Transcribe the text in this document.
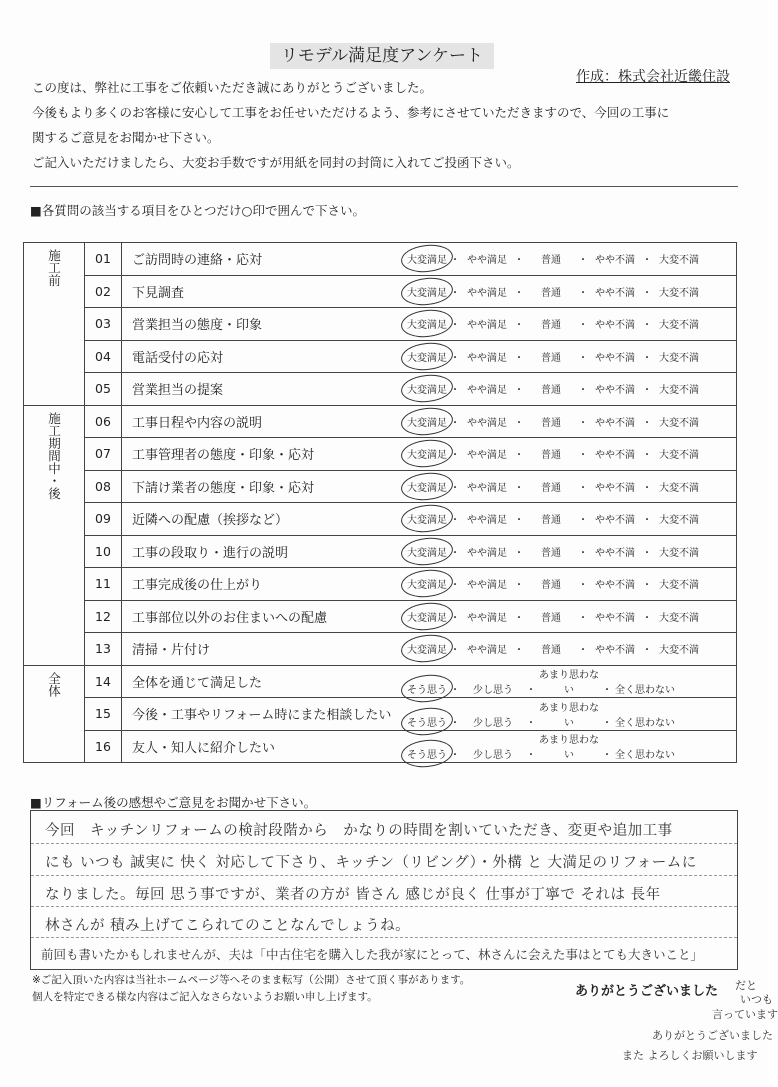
リモデル満足度アンケート
作成：株式会社近畿住設
この度は、弊社に工事をご依頼いただき誠にありがとうございました。
今後もより多くのお客様に安心して工事をお任せいただけるよう、参考にさせていただきますので、今回の工事に
関するご意見をお聞かせ下さい。
ご記入いただけましたら、大変お手数ですが用紙を同封の封筒に入れてご投函下さい。
■各質問の該当する項目をひとつだけ○印で囲んで下さい。
施工前	01	ご訪問時の連絡・応対	大変満足 ・ やや満足 ・ 普通 ・ やや不満 ・ 大変不満
	02	下見調査	大変満足 ・ やや満足 ・ 普通 ・ やや不満 ・ 大変不満
	03	営業担当の態度・印象	大変満足 ・ やや満足 ・ 普通 ・ やや不満 ・ 大変不満
	04	電話受付の応対	大変満足 ・ やや満足 ・ 普通 ・ やや不満 ・ 大変不満
	05	営業担当の提案	大変満足 ・ やや満足 ・ 普通 ・ やや不満 ・ 大変不満
施工期間中・後	06	工事日程や内容の説明	大変満足 ・ やや満足 ・ 普通 ・ やや不満 ・ 大変不満
	07	工事管理者の態度・印象・応対	大変満足 ・ やや満足 ・ 普通 ・ やや不満 ・ 大変不満
	08	下請け業者の態度・印象・応対	大変満足 ・ やや満足 ・ 普通 ・ やや不満 ・ 大変不満
	09	近隣への配慮（挨拶など）	大変満足 ・ やや満足 ・ 普通 ・ やや不満 ・ 大変不満
	10	工事の段取り・進行の説明	大変満足 ・ やや満足 ・ 普通 ・ やや不満 ・ 大変不満
	11	工事完成後の仕上がり	大変満足 ・ やや満足 ・ 普通 ・ やや不満 ・ 大変不満
	12	工事部位以外のお住まいへの配慮	大変満足 ・ やや満足 ・ 普通 ・ やや不満 ・ 大変不満
	13	清掃・片付け	大変満足 ・ やや満足 ・ 普通 ・ やや不満 ・ 大変不満
全体	14	全体を通じて満足した	そう思う ・ 少し思う ・あまり思わない ・ 全く思わない
	15	今後・工事やリフォーム時にまた相談したい	そう思う ・ 少し思う ・あまり思わない ・ 全く思わない
	16	友人・知人に紹介したい	そう思う ・ 少し思う ・あまり思わない ・ 全く思わない
■リフォーム後の感想やご意見をお聞かせ下さい。
今回　キッチンリフォームの検討段階から　かなりの時間を割いていただき、変更や追加工事
にも いつも 誠実に 快く 対応して下さり、キッチン（リビング）・外構 と 大満足のリフォームに
なりました。毎回 思う事ですが、業者の方が 皆さん 感じが良く 仕事が丁寧で それは 長年
林さんが 積み上げてこられてのことなんでしょうね。
前回も書いたかもしれませんが、夫は「中古住宅を購入した我が家にとって、林さんに会えた事はとても大きいこと」
※ご記入頂いた内容は当社ホームページ等へそのまま転写（公開）させて頂く事があります。
個人を特定できる様な内容はご記入なさらないようお願い申し上げます。	ありがとうございました だと
いつも
言っています
ありがとうございました
また よろしくお願いします
